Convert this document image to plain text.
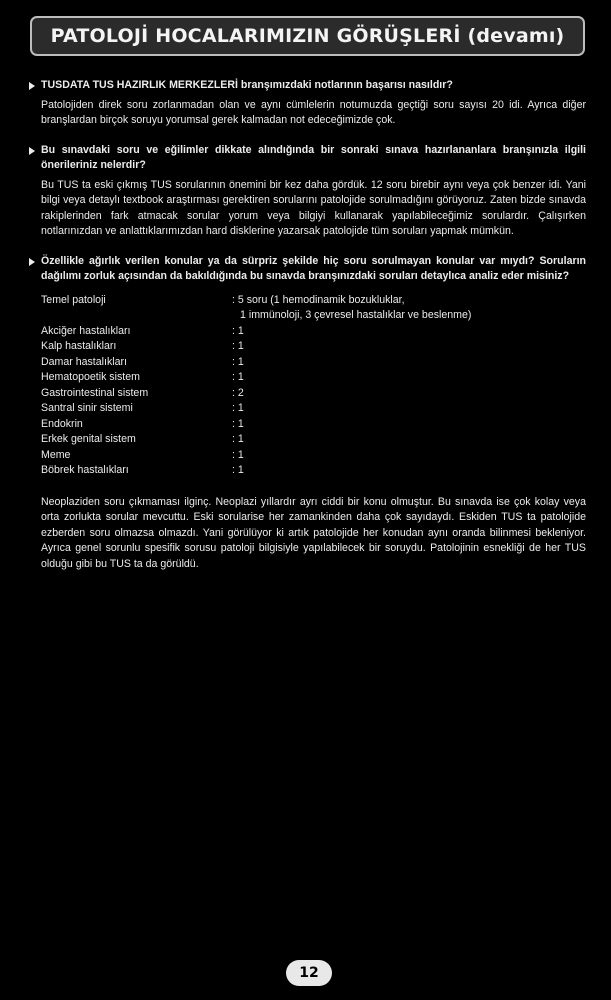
PATOLOJİ HOCALARIMIZIN GÖRÜŞLERİ (devamı)
TUSDATA TUS HAZIRLIK MERKEZLERİ branşımızdaki notlarının başarısı nasıldır?

Patolojiden direk soru zorlanmadan olan ve aynı cümlelerin notumuzda geçtiği soru sayısı 20 idi. Ayrıca diğer branşlardan birçok soruyu yorumsal gerek kalmadan not edeceğimizde çok.

Bu sınavdaki soru ve eğilimler dikkate alındığında bir sonraki sınava hazırlananlara branşınızla ilgili önerileriniz nelerdir?

Bu TUS ta eski çıkmış TUS sorularının önemini bir kez daha gördük. 12 soru birebir aynı veya çok benzer idi. Yani bilgi veya detaylı textbook araştırması gerektiren sorularını patolojide sorulmadığını görüyoruz. Zaten bizde sınavda rakiplerinden fark atmacak sorular yorum veya bilgiyi kullanarak yapılabileceğimiz sorulardır. Çalışırken notlarınızdan ve anlattıklarımızdan hard disklerine yazarsak patolojide tüm soruları yapmak mümkün.

Özellikle ağırlık verilen konular ya da sürpriz şekilde hiç soru sorulmayan konular var mıydı? Soruların dağılımı zorluk açısından da bakıldığında bu sınavda branşınızdaki soruları detaylıca analiz eder misiniz?
Temel patoloji	: 5 soru (1 hemodinamik bozukluklar,
1 immünoloji, 3 çevresel hastalıklar ve beslenme)
Akciğer hastalıkları	: 1
Kalp hastalıkları	: 1
Damar hastalıkları	: 1
Hematopoetik sistem	: 1
Gastrointestinal sistem	: 2
Santral sinir sistemi	: 1
Endokrin	: 1
Erkek genital sistem	: 1
Meme	: 1
Böbrek hastalıkları	: 1

Neoplaziden soru çıkmaması ilginç. Neoplazi yıllardır ayrı ciddi bir konu olmuştur. Bu sınavda ise çok kolay veya orta zorlukta sorular mevcuttu. Eski sorularise her zamankinden daha çok sayıdaydı. Eskiden TUS ta patolojide ezberden soru olmazsa olmazdı. Yani görülüyor ki artık patolojide her konudan aynı oranda bilinmesi bekleniyor. Ayrıca genel sorunlu spesifik sorusu patoloji bilgisiyle yapılabilecek bir soruydu. Patolojinin esnekliği de her TUS olduğu gibi bu TUS ta da görüldü.

12
